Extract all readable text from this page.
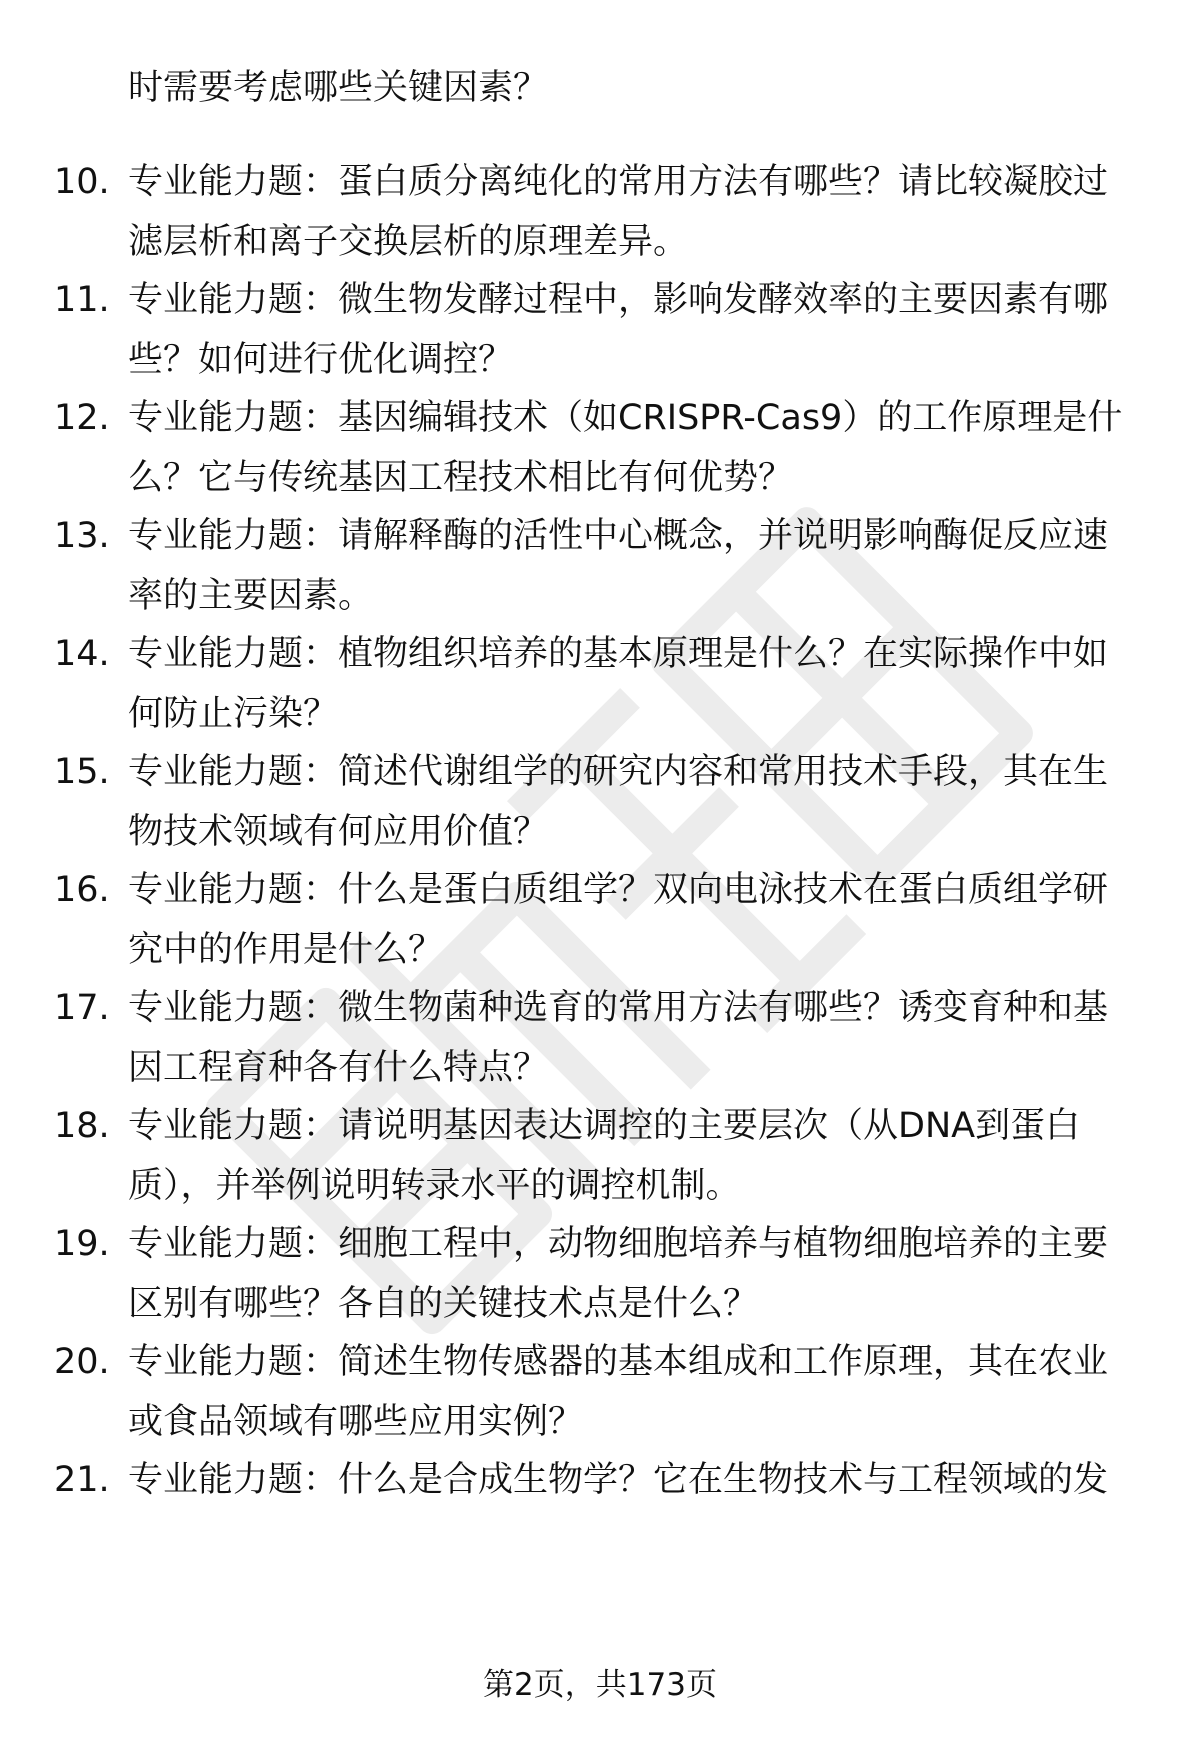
时需要考虑哪些关键因素？
10. 专业能力题：蛋白质分离纯化的常用方法有哪些？请比较凝胶过
滤层析和离子交换层析的原理差异。
11. 专业能力题：微生物发酵过程中，影响发酵效率的主要因素有哪
些？如何进行优化调控？
12. 专业能力题：基因编辑技术（如CRISPR-Cas9）的工作原理是什
么？它与传统基因工程技术相比有何优势？
13. 专业能力题：请解释酶的活性中心概念，并说明影响酶促反应速
率的主要因素。
14. 专业能力题：植物组织培养的基本原理是什么？在实际操作中如
何防止污染？
15. 专业能力题：简述代谢组学的研究内容和常用技术手段，其在生
物技术领域有何应用价值？
16. 专业能力题：什么是蛋白质组学？双向电泳技术在蛋白质组学研
究中的作用是什么？
17. 专业能力题：微生物菌种选育的常用方法有哪些？诱变育种和基
因工程育种各有什么特点？
18. 专业能力题：请说明基因表达调控的主要层次（从DNA到蛋白
质），并举例说明转录水平的调控机制。
19. 专业能力题：细胞工程中，动物细胞培养与植物细胞培养的主要
区别有哪些？各自的关键技术点是什么？
20. 专业能力题：简述生物传感器的基本组成和工作原理，其在农业
或食品领域有哪些应用实例？
21. 专业能力题：什么是合成生物学？它在生物技术与工程领域的发
第2页，共173页
